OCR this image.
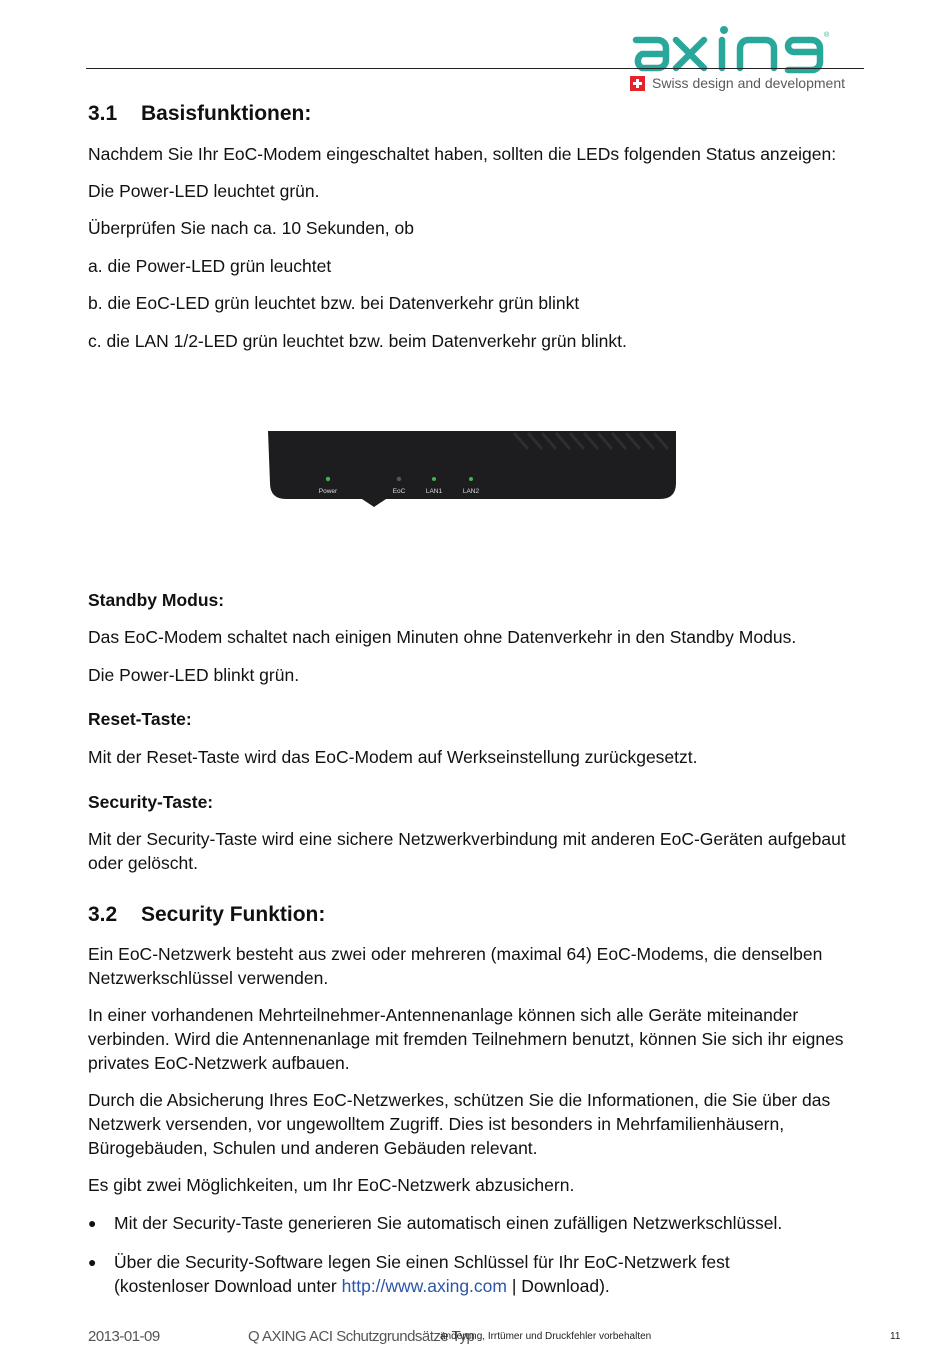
®
axing
Swiss design and development
3.1 Basisfunktionen:

Nachdem Sie Ihr EoC-Modem eingeschaltet haben, sollten die LEDs folgenden Status anzeigen:

Die Power-LED leuchtet grün.

Überprüfen Sie nach ca. 10 Sekunden, ob

a. die Power-LED grün leuchtet

b. die EoC-LED grün leuchtet bzw. bei Datenverkehr grün blinkt

c. die LAN 1/2-LED grün leuchtet bzw. beim Datenverkehr grün blinkt.

Power	EoC	LAN1	LAN2
Standby Modus:

Das EoC-Modem schaltet nach einigen Minuten ohne Datenverkehr in den Standby Modus.

Die Power-LED blinkt grün.

Reset-Taste:

Mit der Reset-Taste wird das EoC-Modem auf Werkseinstellung zurückgesetzt.

Security-Taste:

Mit der Security-Taste wird eine sichere Netzwerkverbindung mit anderen EoC-Geräten aufgebaut oder gelöscht.

3.2 Security Funktion:

Ein EoC-Netzwerk besteht aus zwei oder mehreren (maximal 64) EoC-Modems, die denselben Netzwerkschlüssel verwenden.

In einer vorhandenen Mehrteilnehmer-Antennenanlage können sich alle Geräte miteinander verbinden. Wird die Antennenanlage mit fremden Teilnehmern benutzt, können Sie sich ihr eignes privates EoC-Netzwerk aufbauen.

Durch die Absicherung Ihres EoC-Netzwerkes, schützen Sie die Informationen, die Sie über das Netzwerk versenden, vor ungewolltem Zugriff. Dies ist besonders in Mehrfamilienhäusern, Bürogebäuden, Schulen und anderen Gebäuden relevant.

Es gibt zwei Möglichkeiten, um Ihr EoC-Netzwerk abzusichern.

●	Mit der Security-Taste generieren Sie automatisch einen zufälligen Netzwerkschlüssel.
●	Über die Security-Software legen Sie einen Schlüssel für Ihr EoC-Netzwerk fest
(kostenloser Download unter http://www.axing.com | Download).
2013-01-09	Q AXING ACI Schutzgrundsätze Typ
änderung, Irrtümer und Druckfehler vorbehalten	11
